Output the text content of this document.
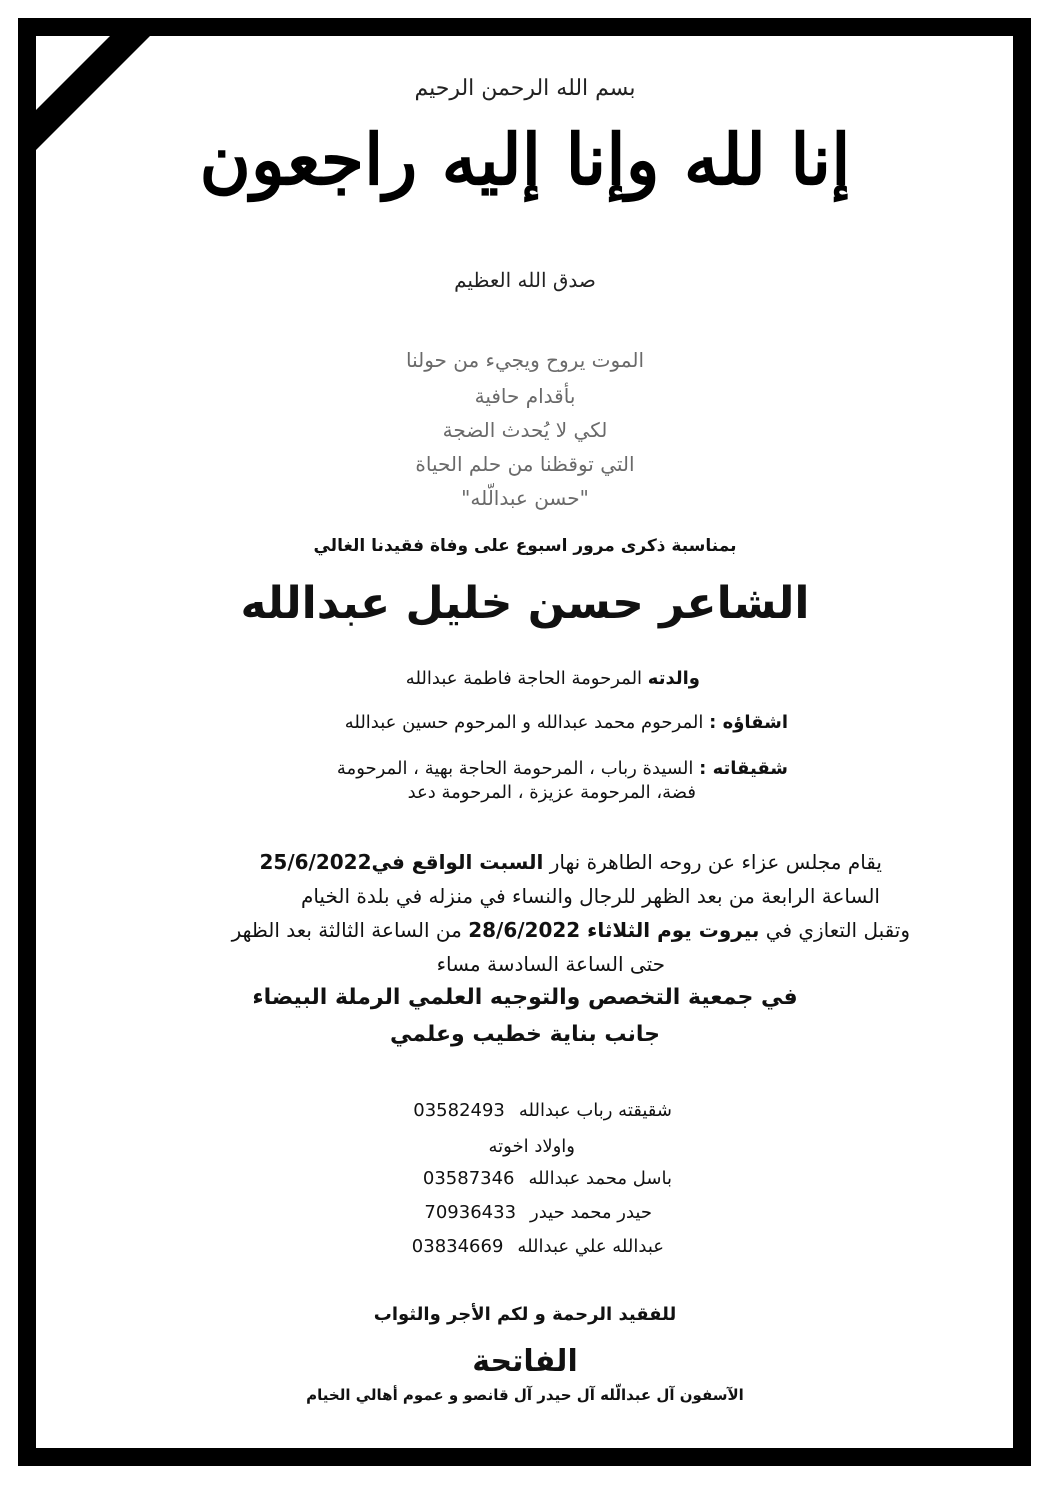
بسم الله الرحمن الرحيم
إنا لله وإنا إليه راجعون
صدق الله العظيم
الموت يروح ويجيء من حولنا
بأقدام حافية
لكي لا يُحدث الضجة
التي توقظنا من حلم الحياة
"حسن عبدالّله"
بمناسبة ذكرى مرور اسبوع على وفاة فقيدنا الغالي
الشاعر حسن خليل عبدالله
والدته المرحومة الحاجة فاطمة عبدالله
اشقاؤه : المرحوم محمد عبدالله و المرحوم حسين عبدالله
شقيقاته : السيدة رباب ، المرحومة الحاجة بهية ، المرحومة
فضة، المرحومة عزيزة ، المرحومة دعد
يقام مجلس عزاء عن روحه الطاهرة نهار السبت الواقع في25/6/2022
الساعة الرابعة من بعد الظهر للرجال والنساء في منزله في بلدة الخيام
وتقبل التعازي في بيروت يوم الثلاثاء 28/6/2022 من الساعة الثالثة بعد الظهر
حتى الساعة السادسة مساء
في جمعية التخصص والتوجيه العلمي الرملة البيضاء
جانب بناية خطيب وعلمي
شقيقته رباب عبدالله03582493
واولاد اخوته
باسل محمد عبدالله03587346
حيدر محمد حيدر70936433
عبدالله علي عبدالله03834669
للفقيد الرحمة و لكم الأجر والثواب
الفاتحة
الآسفون آل عبدالّله آل حيدر آل قانصو و عموم أهالي الخيام
